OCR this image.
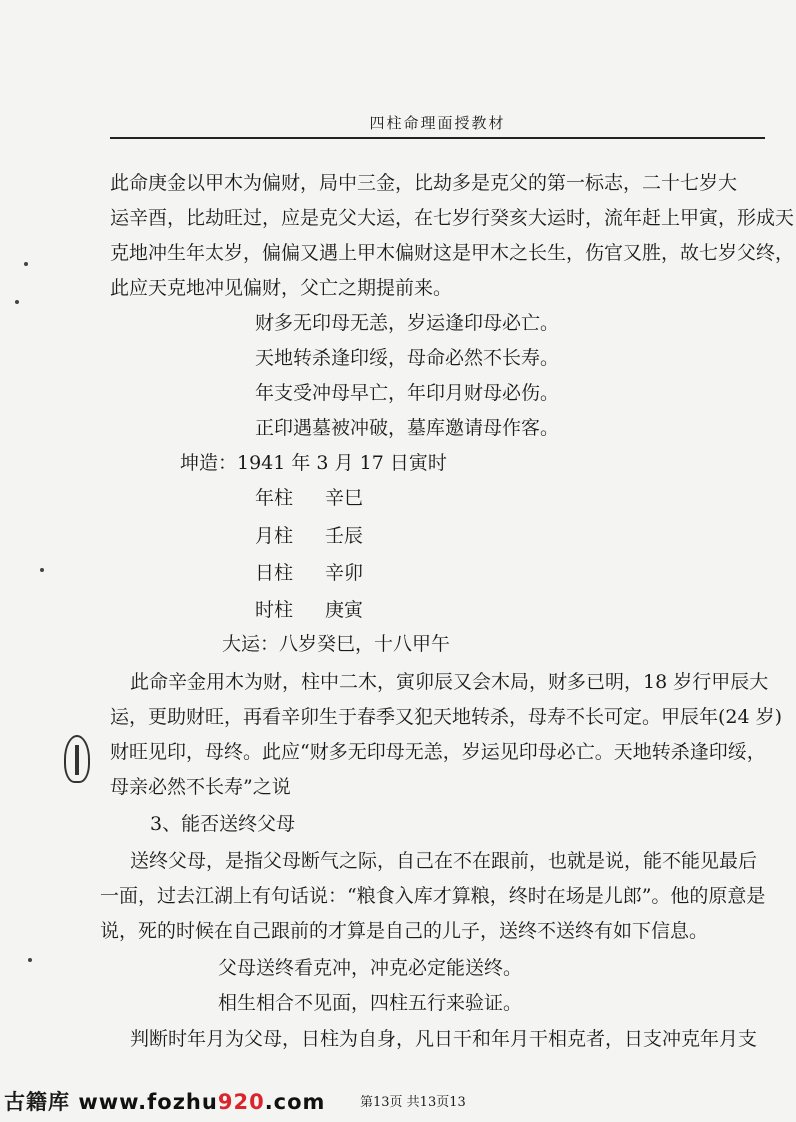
四柱命理面授教材
此命庚金以甲木为偏财，局中三金，比劫多是克父的第一标志，二十七岁大
运辛酉，比劫旺过，应是克父大运，在七岁行癸亥大运时，流年赶上甲寅，形成天
克地冲生年太岁，偏偏又遇上甲木偏财这是甲木之长生，伤官又胜，故七岁父终，
此应天克地冲见偏财，父亡之期提前来。
财多无印母无恙，岁运逢印母必亡。
天地转杀逢印绥，母命必然不长寿。
年支受冲母早亡，年印月财母必伤。
正印遇墓被冲破，墓库邀请母作客。
坤造：1941 年 3 月 17 日寅时
年柱 辛巳
月柱 壬辰
日柱 辛卯
时柱 庚寅
大运：八岁癸巳，十八甲午
此命辛金用木为财，柱中二木，寅卯辰又会木局，财多已明，18 岁行甲辰大
运，更助财旺，再看辛卯生于春季又犯天地转杀，母寿不长可定。甲辰年(24 岁)
财旺见印，母终。此应“财多无印母无恙，岁运见印母必亡。天地转杀逢印绥，
母亲必然不长寿”之说
3、能否送终父母
送终父母，是指父母断气之际，自己在不在跟前，也就是说，能不能见最后
一面，过去江湖上有句话说：“粮食入库才算粮，终时在场是儿郎”。他的原意是
说，死的时候在自己跟前的才算是自己的儿子，送终不送终有如下信息。
父母送终看克冲，冲克必定能送终。
相生相合不见面，四柱五行来验证。
判断时年月为父母，日柱为自身，凡日干和年月干相克者，日支冲克年月支
古籍库 www.fozhu920.com	第13页 共13页13
